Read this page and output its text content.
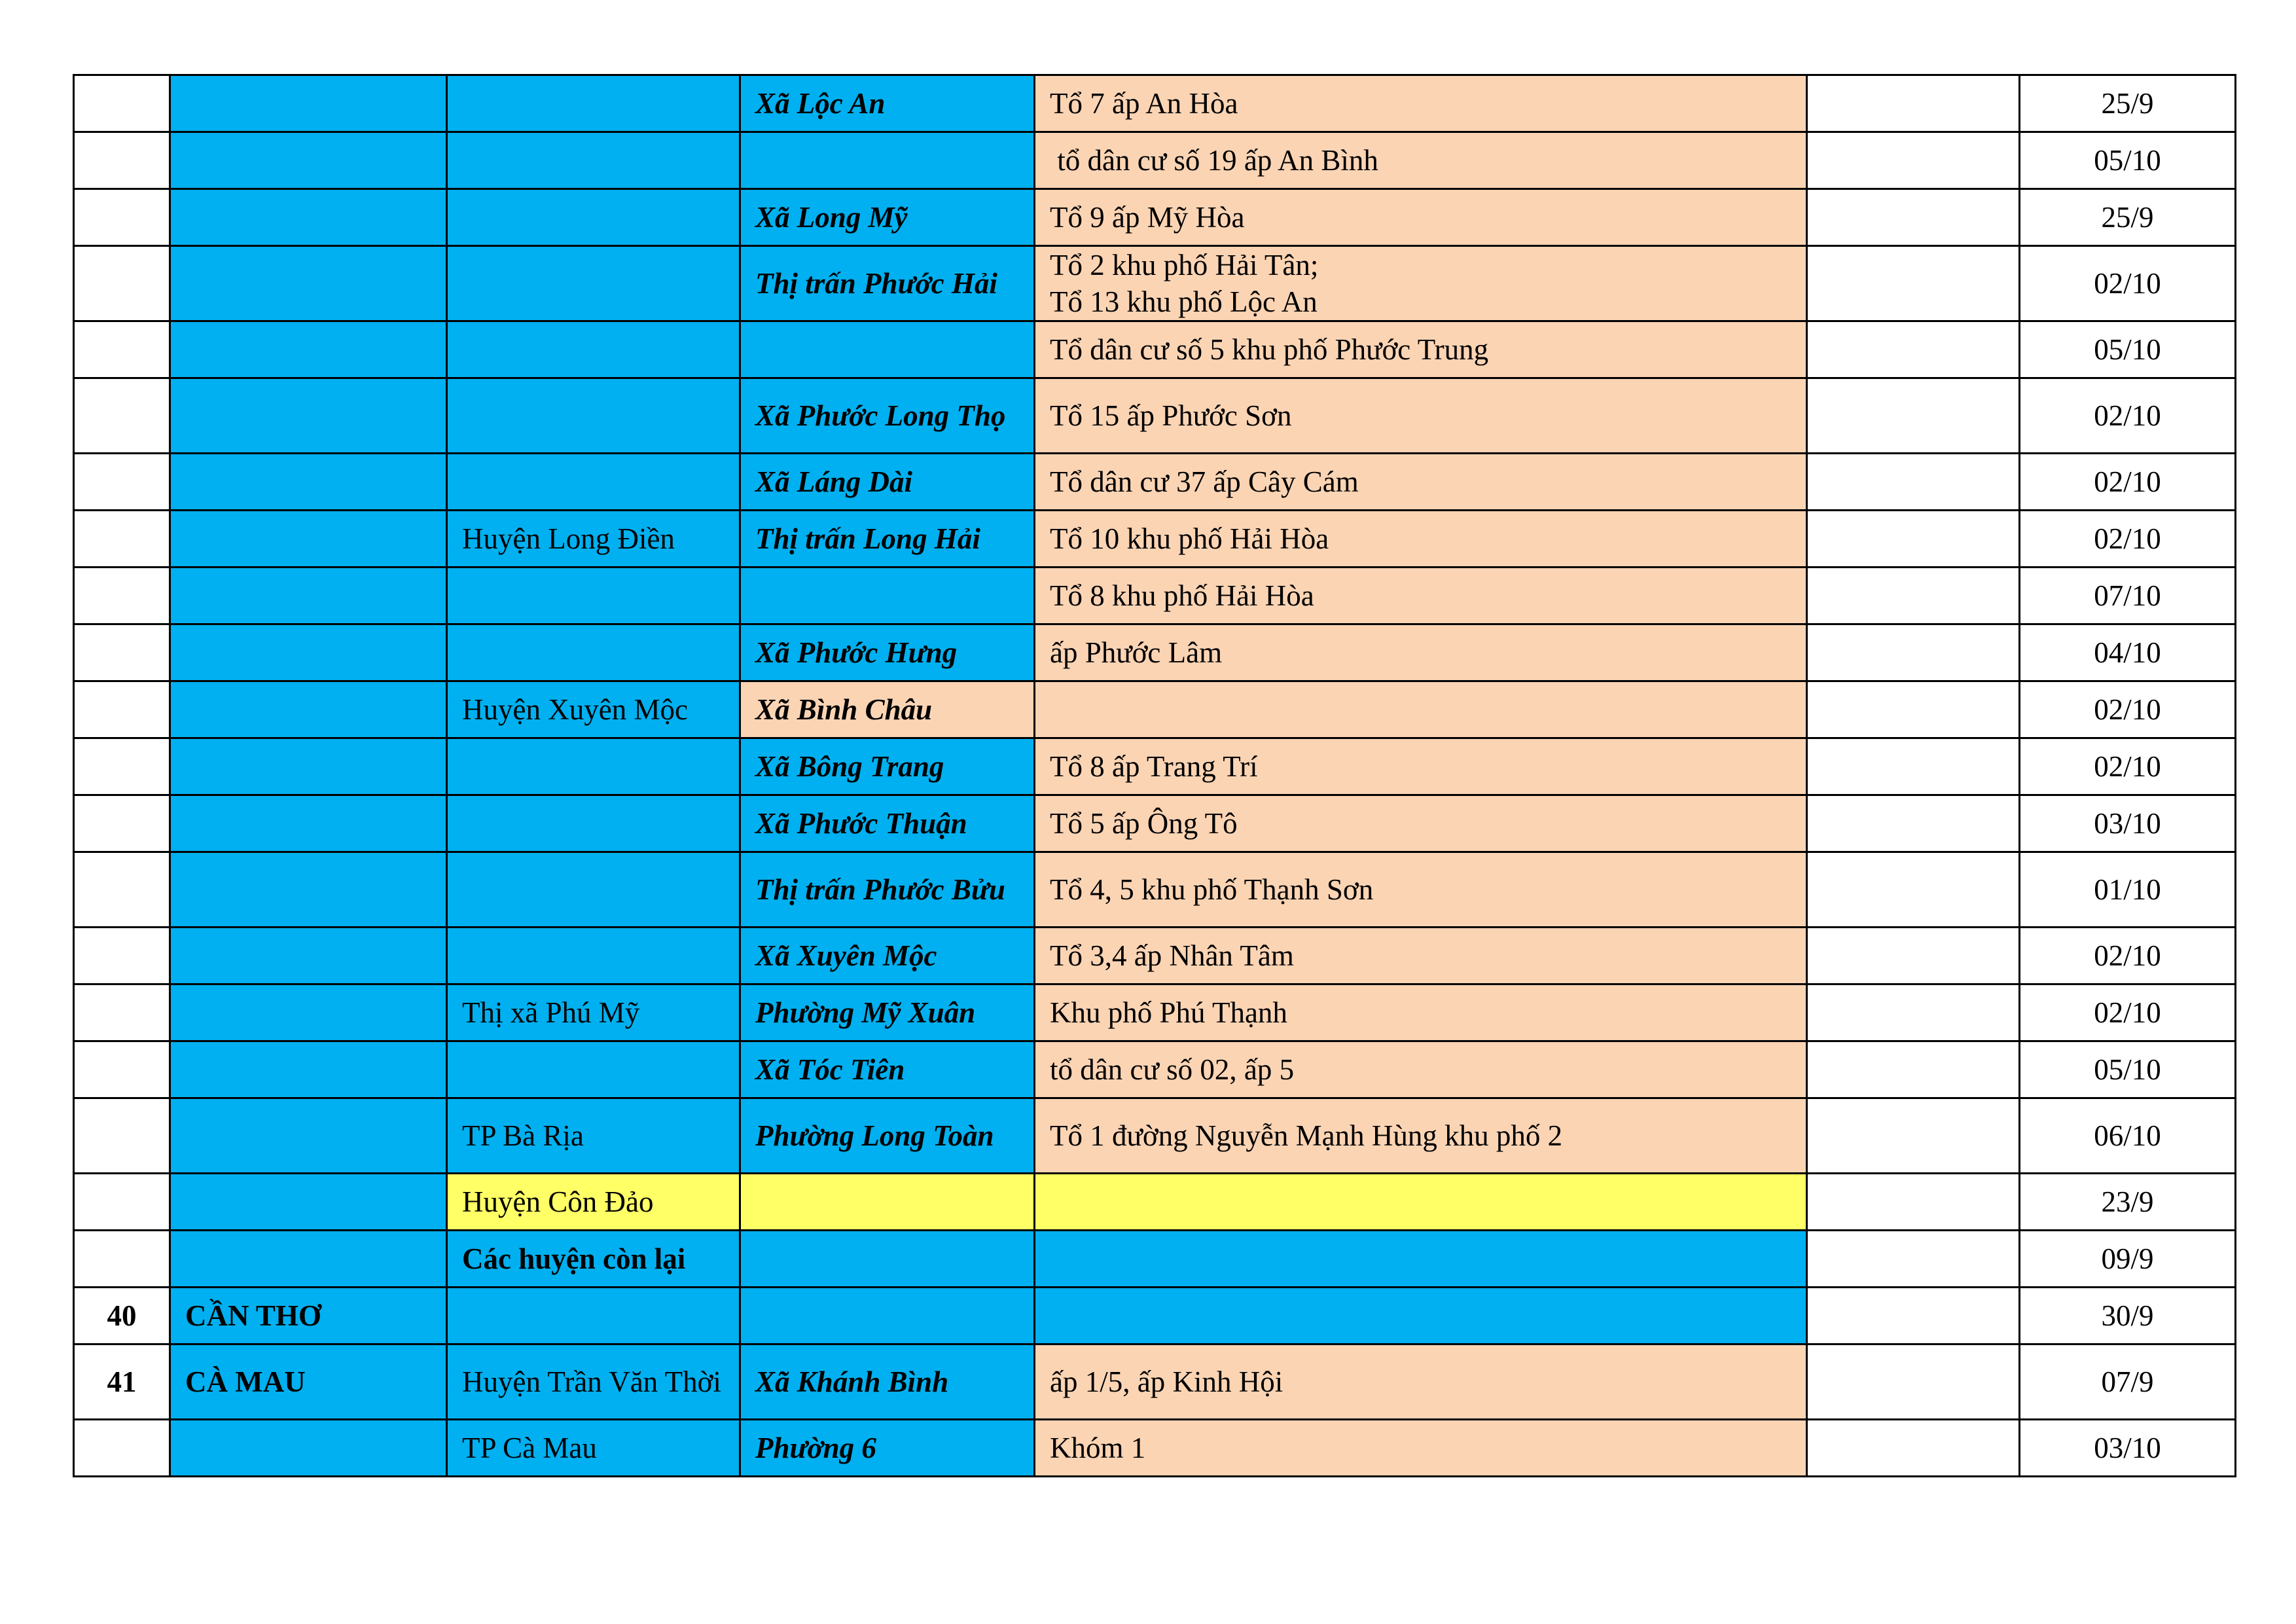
			Xã Lộc An	Tổ 7 ấp An Hòa		25/9
				tổ dân cư số 19 ấp An Bình		05/10
			Xã Long Mỹ	Tổ 9 ấp Mỹ Hòa		25/9
			Thị trấn Phước Hải	Tổ 2 khu phố Hải Tân;
Tổ 13 khu phố Lộc An		02/10
				Tổ dân cư số 5 khu phố Phước Trung		05/10
			Xã Phước Long Thọ	Tổ 15 ấp Phước Sơn		02/10
			Xã Láng Dài	Tổ dân cư 37 ấp Cây Cám		02/10
		Huyện Long Điền	Thị trấn Long Hải	Tổ 10 khu phố Hải Hòa		02/10
				Tổ 8 khu phố Hải Hòa		07/10
			Xã Phước Hưng	ấp Phước Lâm		04/10
		Huyện Xuyên Mộc	Xã Bình Châu			02/10
			Xã Bông Trang	Tổ 8 ấp Trang Trí		02/10
			Xã Phước Thuận	Tổ 5 ấp Ông Tô		03/10
			Thị trấn Phước Bửu	Tổ 4, 5 khu phố Thạnh Sơn		01/10
			Xã Xuyên Mộc	Tổ 3,4 ấp Nhân Tâm		02/10
		Thị xã Phú Mỹ	Phường Mỹ Xuân	Khu phố Phú Thạnh		02/10
			Xã Tóc Tiên	tổ dân cư số 02, ấp 5		05/10
		TP Bà Rịa	Phường Long Toàn	Tổ 1 đường Nguyễn Mạnh Hùng khu phố 2		06/10
		Huyện Côn Đảo				23/9
		Các huyện còn lại				09/9
40	CẦN THƠ					30/9
41	CÀ MAU	Huyện Trần Văn Thời	Xã Khánh Bình	ấp 1/5, ấp Kinh Hội		07/9
		TP Cà Mau	Phường 6	Khóm 1		03/10
